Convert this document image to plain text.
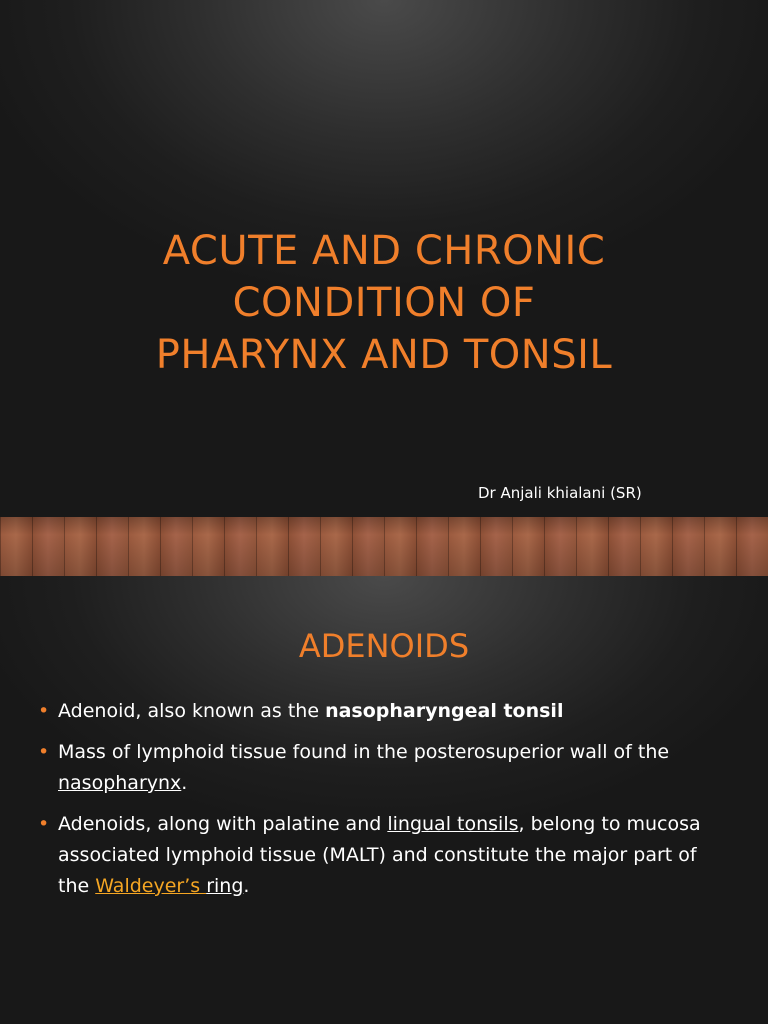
ACUTE AND CHRONIC
CONDITION OF
PHARYNX AND TONSIL
Dr Anjali khialani (SR)
ADENOIDS
• Adenoid, also known as the nasopharyngeal tonsil
• Mass of lymphoid tissue found in the posterosuperior wall of the nasopharynx.
• Adenoids, along with palatine and lingual tonsils, belong to mucosa associated lymphoid tissue (MALT) and constitute the major part of the Waldeyer’s ring.
